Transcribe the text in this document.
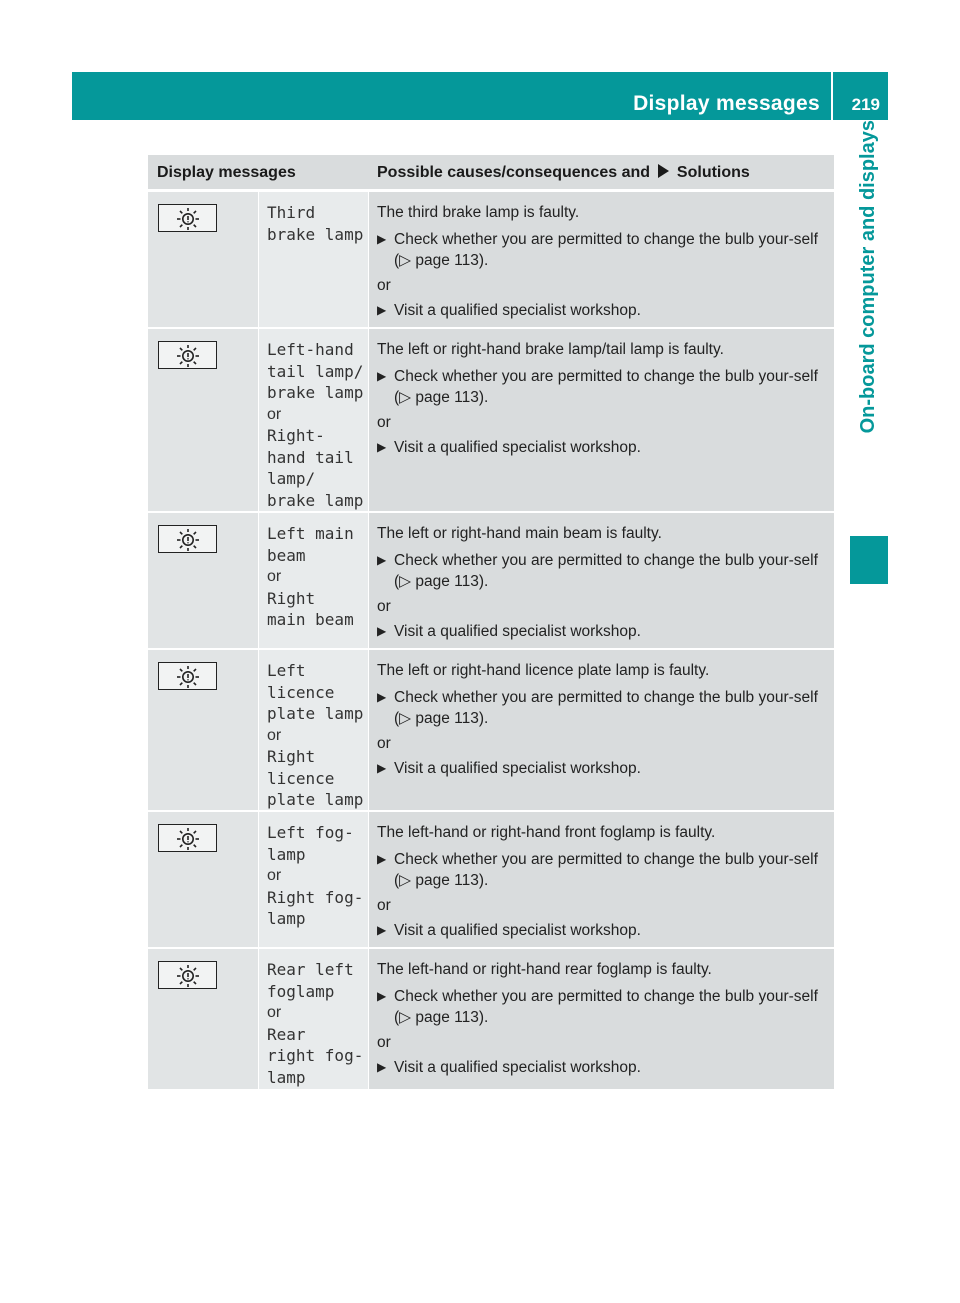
Display messages 219
On-board computer and displays
Display messages	Possible causes/consequences and Solutions
Third
brake lamp
The third brake lamp is faulty.
▶ Check whether you are permitted to change the bulb your-self (▷ page 113).
or
▶ Visit a qualified specialist workshop.
Left-hand
tail lamp/
brake lamp
or
Right-
hand tail
lamp/
brake lamp
The left or right-hand brake lamp/tail lamp is faulty.
▶ Check whether you are permitted to change the bulb your-self (▷ page 113).
or
▶ Visit a qualified specialist workshop.
Left main
beam
or
Right
main beam
The left or right-hand main beam is faulty.
▶ Check whether you are permitted to change the bulb your-self (▷ page 113).
or
▶ Visit a qualified specialist workshop.
Left
licence
plate lamp
or
Right
licence
plate lamp
The left or right-hand licence plate lamp is faulty.
▶ Check whether you are permitted to change the bulb your-self (▷ page 113).
or
▶ Visit a qualified specialist workshop.
Left fog-
lamp
or
Right fog-
lamp
The left-hand or right-hand front foglamp is faulty.
▶ Check whether you are permitted to change the bulb your-self (▷ page 113).
or
▶ Visit a qualified specialist workshop.
Rear left
foglamp
or
Rear
right fog-
lamp
The left-hand or right-hand rear foglamp is faulty.
▶ Check whether you are permitted to change the bulb your-self (▷ page 113).
or
▶ Visit a qualified specialist workshop.
